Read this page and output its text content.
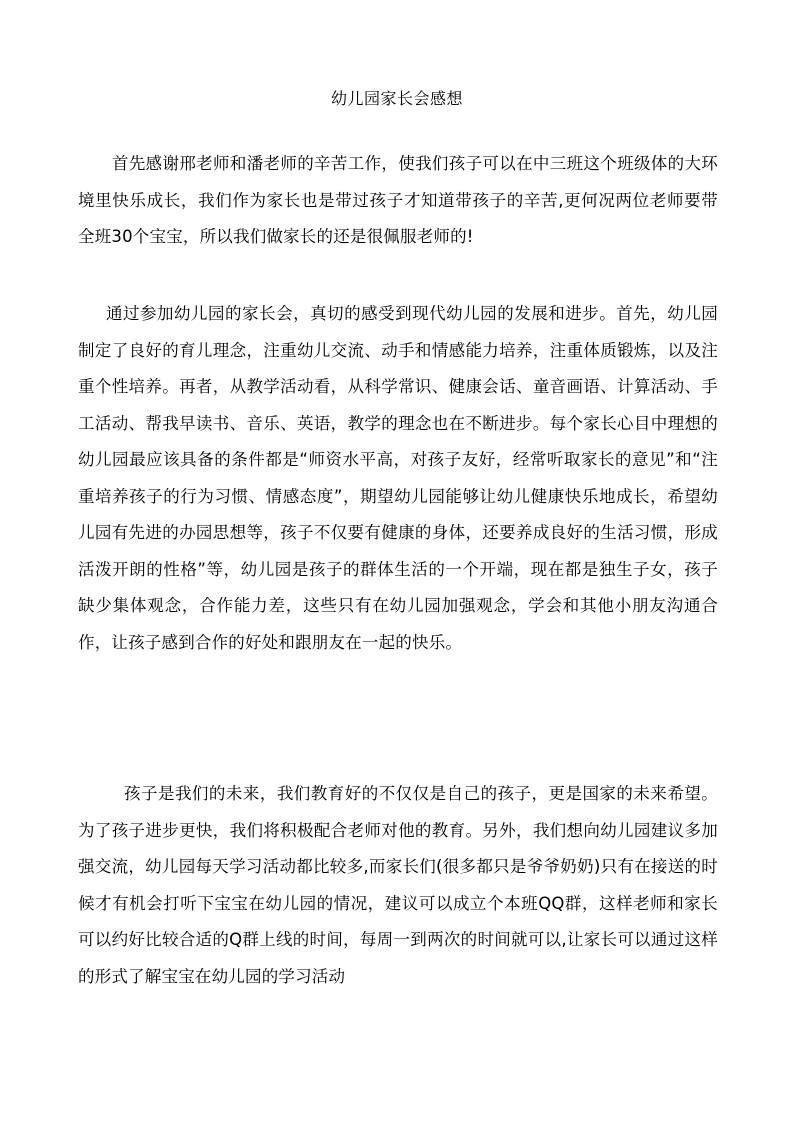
幼儿园家长会感想
首先感谢邢老师和潘老师的辛苦工作，使我们孩子可以在中三班这个班级体的大环境里快乐成长，我们作为家长也是带过孩子才知道带孩子的辛苦,更何况两位老师要带全班30个宝宝，所以我们做家长的还是很佩服老师的!
通过参加幼儿园的家长会，真切的感受到现代幼儿园的发展和进步。首先，幼儿园制定了良好的育儿理念，注重幼儿交流、动手和情感能力培养，注重体质锻炼，以及注重个性培养。再者，从教学活动看，从科学常识、健康会话、童音画语、计算活动、手工活动、帮我早读书、音乐、英语，教学的理念也在不断进步。每个家长心目中理想的幼儿园最应该具备的条件都是“师资水平高，对孩子友好，经常听取家长的意见”和“注重培养孩子的行为习惯、情感态度”，期望幼儿园能够让幼儿健康快乐地成长，希望幼儿园有先进的办园思想等，孩子不仅要有健康的身体，还要养成良好的生活习惯，形成活泼开朗的性格”等，幼儿园是孩子的群体生活的一个开端，现在都是独生子女，孩子缺少集体观念，合作能力差，这些只有在幼儿园加强观念，学会和其他小朋友沟通合作，让孩子感到合作的好处和跟朋友在一起的快乐。
孩子是我们的未来，我们教育好的不仅仅是自己的孩子，更是国家的未来希望。为了孩子进步更快，我们将积极配合老师对他的教育。另外，我们想向幼儿园建议多加强交流，幼儿园每天学习活动都比较多,而家长们(很多都只是爷爷奶奶)只有在接送的时候才有机会打听下宝宝在幼儿园的情况，建议可以成立个本班QQ群，这样老师和家长可以约好比较合适的Q群上线的时间，每周一到两次的时间就可以,让家长可以通过这样的形式了解宝宝在幼儿园的学习活动
